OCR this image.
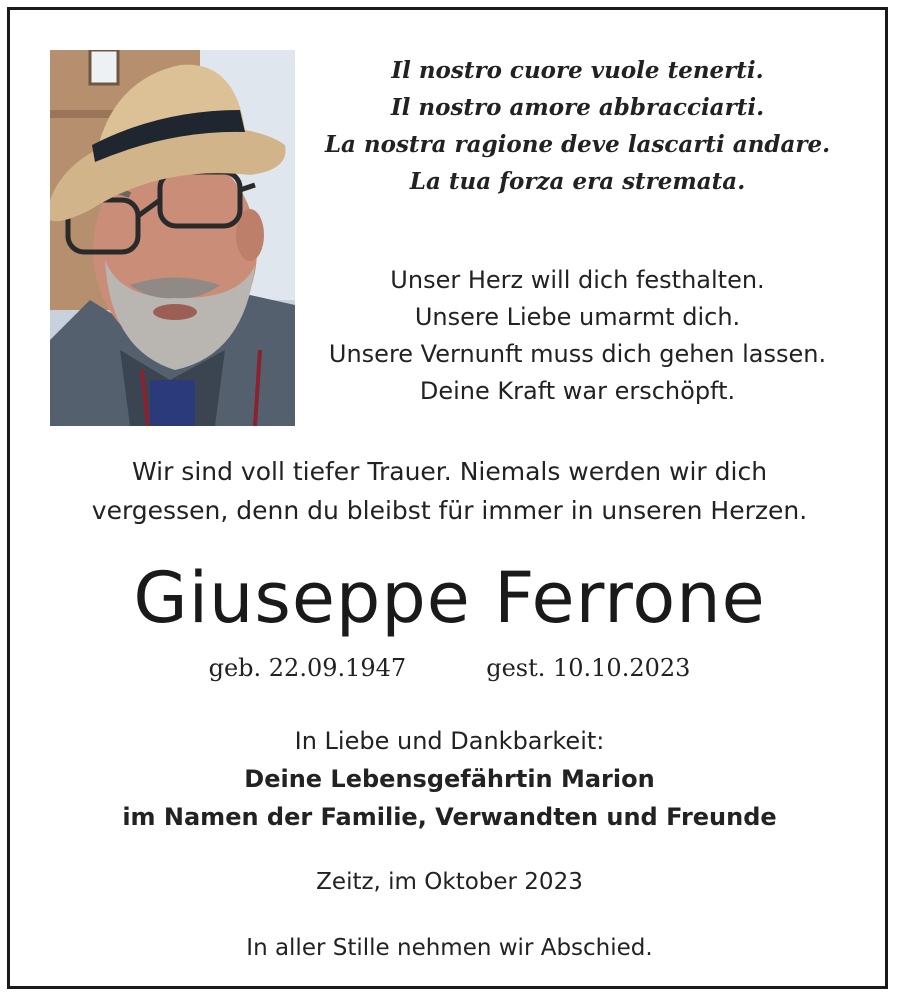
Il nostro cuore vuole tenerti.
Il nostro amore abbracciarti.
La nostra ragione deve lascarti andare.
La tua forza era stremata.
Unser Herz will dich festhalten.
Unsere Liebe umarmt dich.
Unsere Vernunft muss dich gehen lassen.
Deine Kraft war erschöpft.
Wir sind voll tiefer Trauer. Niemals werden wir dich
vergessen, denn du bleibst für immer in unseren Herzen.
Giuseppe Ferrone
geb. 22.09.1947	gest. 10.10.2023
In Liebe und Dankbarkeit:
Deine Lebensgefährtin Marion
im Namen der Familie, Verwandten und Freunde
Zeitz, im Oktober 2023
In aller Stille nehmen wir Abschied.
